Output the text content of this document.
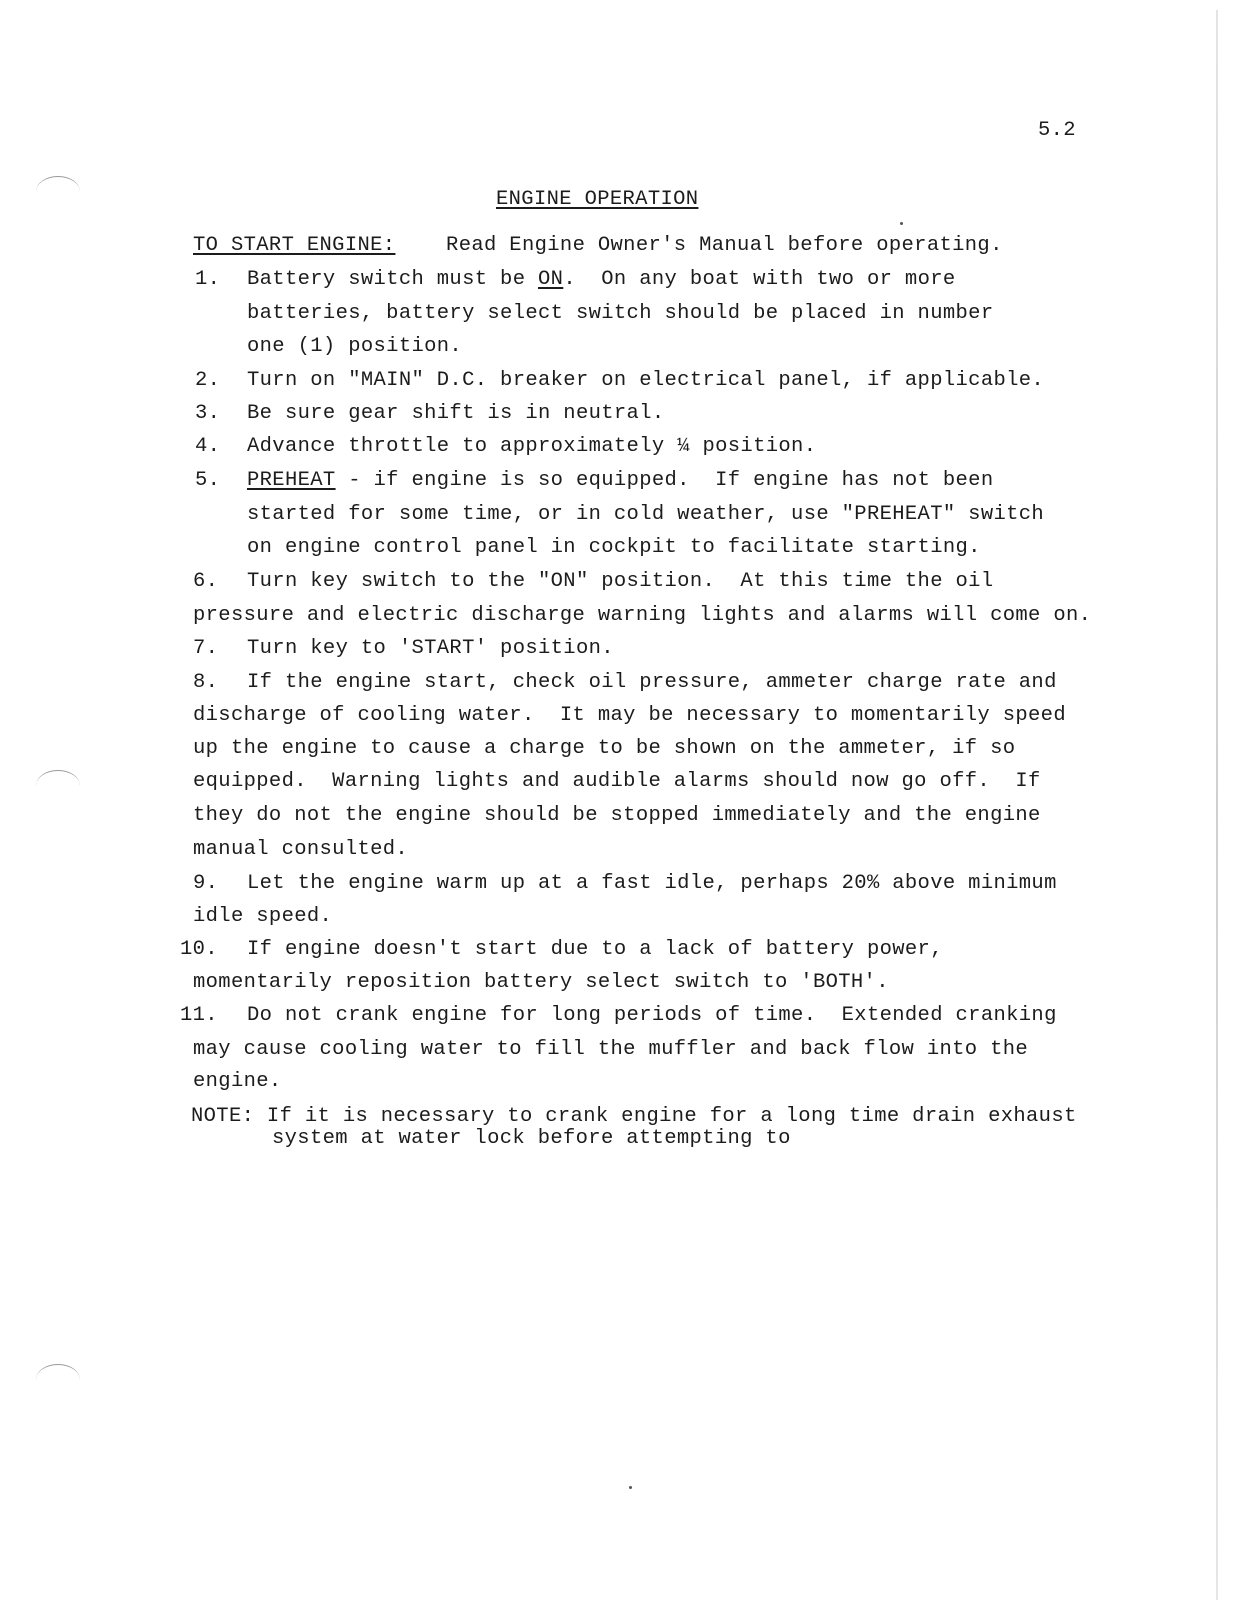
5.2
ENGINE OPERATION
TO START ENGINE: Read Engine Owner's Manual before operating.
1. Battery switch must be ON.  On any boat with two or more
batteries, battery select switch should be placed in number
one (1) position.
2. Turn on "MAIN" D.C. breaker on electrical panel, if applicable.
3. Be sure gear shift is in neutral.
4. Advance throttle to approximately ¼ position.
5. PREHEAT - if engine is so equipped.  If engine has not been
started for some time, or in cold weather, use "PREHEAT" switch
on engine control panel in cockpit to facilitate starting.
6. Turn key switch to the "ON" position.  At this time the oil
pressure and electric discharge warning lights and alarms will come on.
7. Turn key to 'START' position.
8. If the engine start, check oil pressure, ammeter charge rate and
discharge of cooling water.  It may be necessary to momentarily speed
up the engine to cause a charge to be shown on the ammeter, if so
equipped.  Warning lights and audible alarms should now go off.  If
they do not the engine should be stopped immediately and the engine
manual consulted.
9. Let the engine warm up at a fast idle, perhaps 20% above minimum
idle speed.
10. If engine doesn't start due to a lack of battery power,
momentarily reposition battery select switch to 'BOTH'.
11. Do not crank engine for long periods of time.  Extended cranking
may cause cooling water to fill the muffler and back flow into the
engine.
NOTE: If it is necessary to crank engine for a long time drain exhaust
system at water lock before attempting to
